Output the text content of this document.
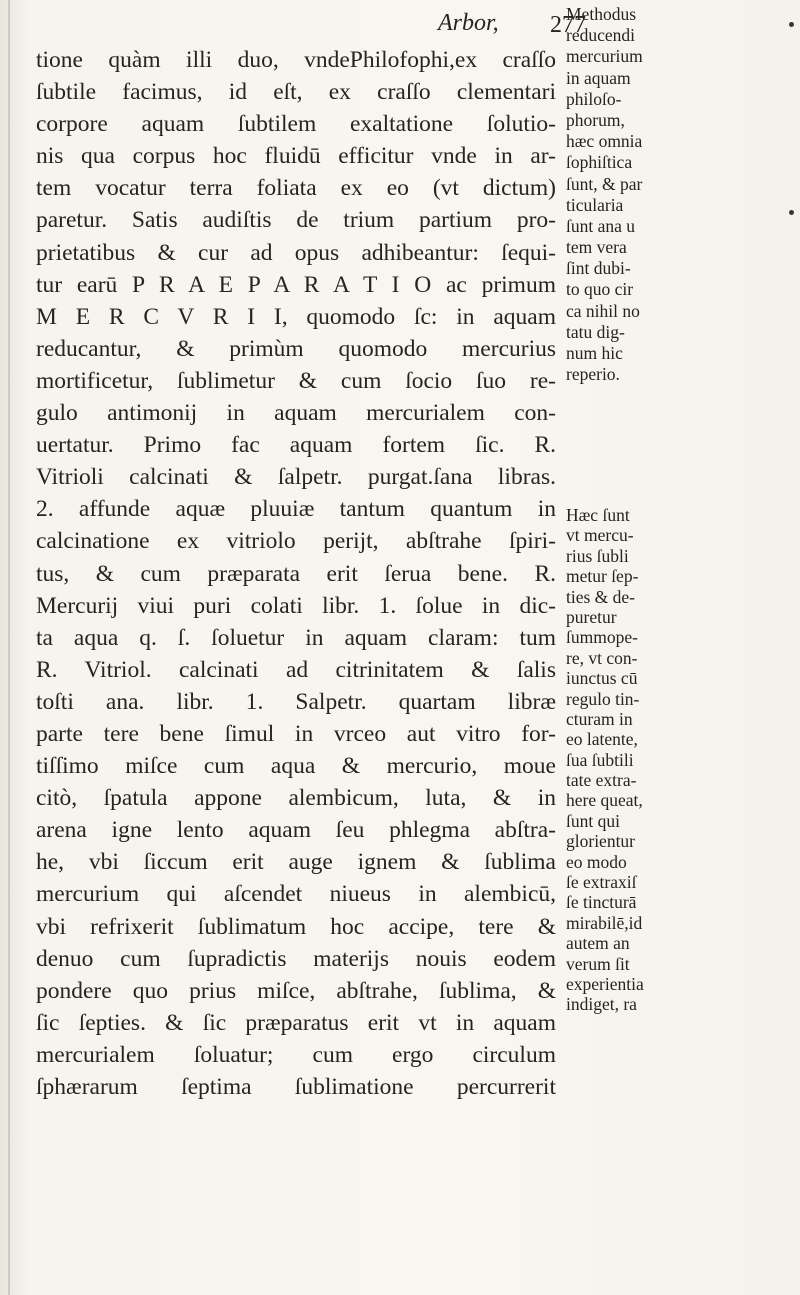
Arbor, 277
tione quàm illi duo, vndePhilofophi,ex craſſo
ſubtile facimus, id eſt, ex craſſo clementari
corpore aquam ſubtilem exaltatione ſolutio-
nis qua corpus hoc fluidū efficitur vnde in ar-
tem vocatur terra foliata ex eo (vt dictum)
paretur. Satis audiſtis de trium partium pro-
prietatibus & cur ad opus adhibeantur: ſequi-
tur earū P R A E P A R A T I O ac primum
M E R C V R I I, quomodo ſc: in aquam
reducantur, & primùm quomodo mercurius
mortificetur, ſublimetur & cum ſocio ſuo re-
gulo antimonij in aquam mercurialem con-
uertatur. Primo fac aquam fortem ſic. R.
Vitrioli calcinati & ſalpetr. purgat.ſana libras.
2. affunde aquæ pluuiæ tantum quantum in
calcinatione ex vitriolo perijt, abſtrahe ſpiri-
tus, & cum præparata erit ſerua bene. R.
Mercurij viui puri colati libr. 1. ſolue in dic-
ta aqua q. ſ. ſoluetur in aquam claram: tum
R. Vitriol. calcinati ad citrinitatem & ſalis
toſti ana. libr. 1. Salpetr. quartam libræ
parte tere bene ſimul in vrceo aut vitro for-
tiſſimo miſce cum aqua & mercurio, moue
citò, ſpatula appone alembicum, luta, & in
arena igne lento aquam ſeu phlegma abſtra-
he, vbi ſiccum erit auge ignem & ſublima
mercurium qui aſcendet niueus in alembicū,
vbi refrixerit ſublimatum hoc accipe, tere &
denuo cum ſupradictis materijs nouis eodem
pondere quo prius miſce, abſtrahe, ſublima, &
ſic ſepties. & ſic præparatus erit vt in aquam
mercurialem ſoluatur; cum ergo circulum
ſphærarum ſeptima ſublimatione percurrerit
Methodus
reducendi
mercurium
in aquam
philoſo-
phorum,
hæc omnia
ſophiſtica
ſunt, & par
ticularia
ſunt ana u
tem vera
ſint dubi-
to quo cir
ca nihil no
tatu dig-
num hic
reperio.
Hæc ſunt
vt mercu-
rius ſubli
metur ſep-
ties & de-
puretur
ſummope-
re, vt con-
iunctus cū
regulo tin-
cturam in
eo latente,
ſua ſubtili
tate extra-
here queat,
ſunt qui
glorientur
eo modo
ſe extraxiſ
ſe tincturā
mirabilē,id
autem an
verum ſit
experientia
indiget, ra
